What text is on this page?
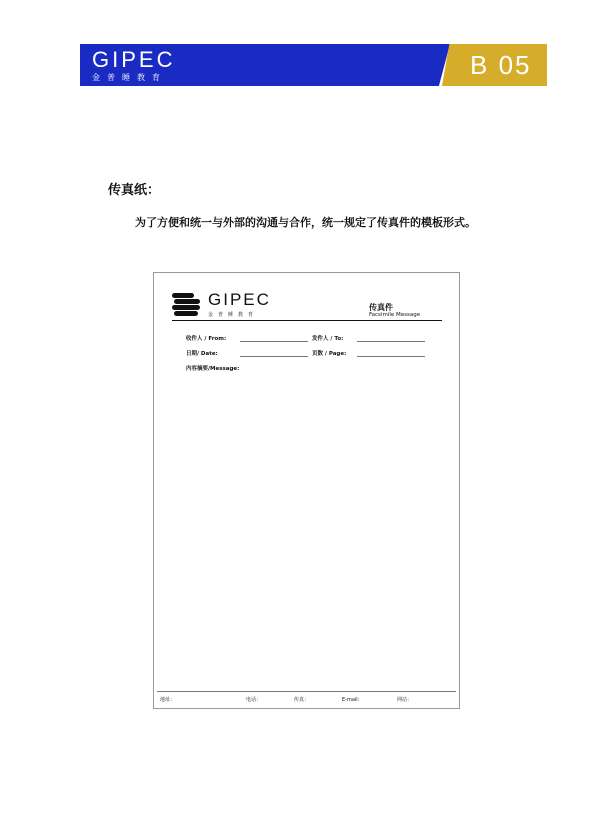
GIPEC
金普睡教育	B 05
传真纸：
为了方便和统一与外部的沟通与合作，统一规定了传真件的模板形式。
GIPEC
金普睡教育
传真件
Facsimile Message
收件人 / From:	发件人 / To:
日期/ Date:	页数 / Page:
内容摘要/Message:
地址：	电话：	传真：	E-mail：	网站：
